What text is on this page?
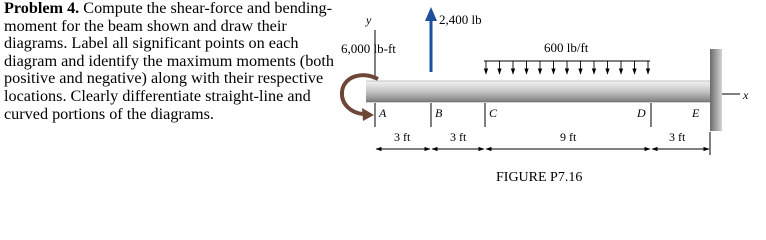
Problem 4. Compute the shear-force and bending-moment for the beam shown and draw their diagrams. Label all significant points on each diagram and identify the maximum moments (both positive and negative) along with their respective locations. Clearly differentiate straight-line and curved portions of the diagrams.
y
x
2,400 lb
6,000 lb-ft	600 lb/ft
A	B	C	D	E
3 ft	3 ft	9 ft	3 ft
FIGURE P7.16
